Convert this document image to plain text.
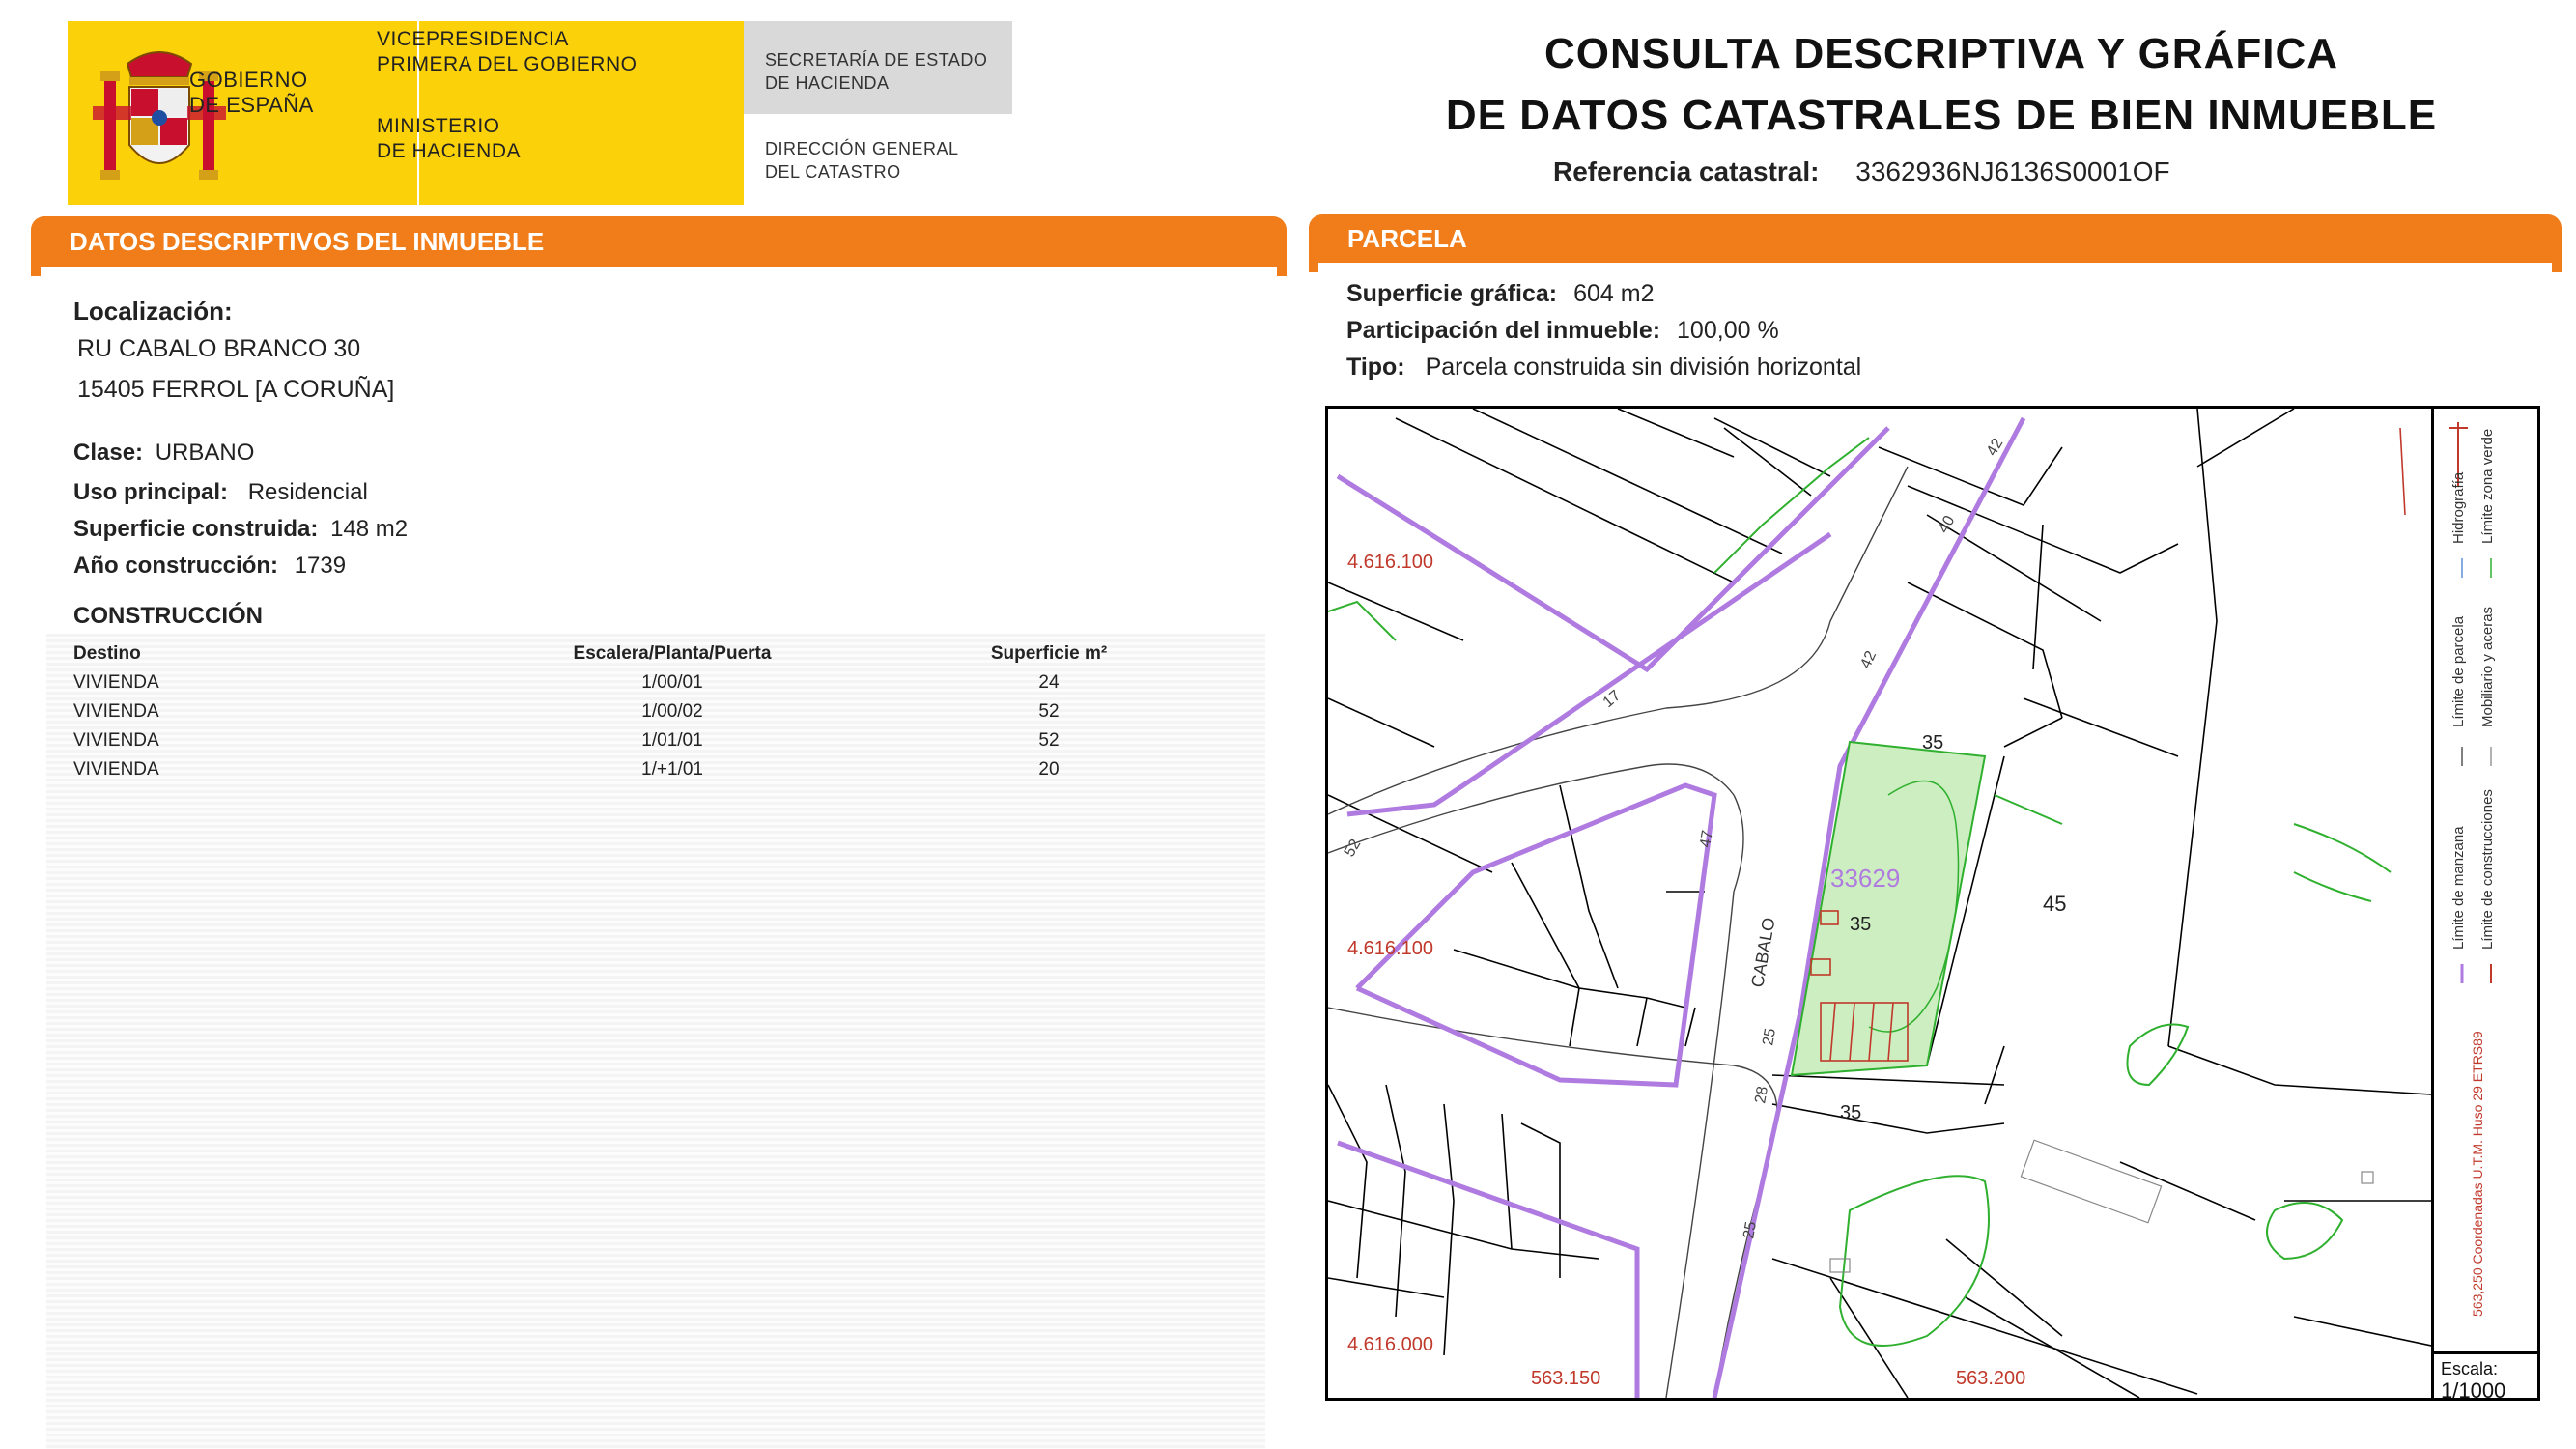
GOBIERNO
DE ESPAÑA
VICEPRESIDENCIA
PRIMERA DEL GOBIERNO
MINISTERIO
DE HACIENDA
SECRETARÍA DE ESTADO
DE HACIENDA
DIRECCIÓN GENERAL
DEL CATASTRO
CONSULTA DESCRIPTIVA Y GRÁFICA
DE DATOS CATASTRALES DE BIEN INMUEBLE
Referencia catastral: 3362936NJ6136S0001OF
DATOS DESCRIPTIVOS DEL INMUEBLE
Localización:
RU CABALO BRANCO 30
15405 FERROL [A CORUÑA]
Clase: URBANO
Uso principal: Residencial
Superficie construida: 148 m2
Año construcción: 1739
CONSTRUCCIÓN
Destino	Escalera/Planta/Puerta	Superficie m²
VIVIENDA	1/00/01	24
VIVIENDA	1/00/02	52
VIVIENDA	1/01/01	52
VIVIENDA	1/+1/01	20
PARCELA
Superficie gráfica: 604 m2
Participación del inmueble: 100,00 %
Tipo: Parcela construida sin división horizontal
4.616.100
4.616.100
4.616.000
563.150	563.200
33629
35
35
45
35
47
42
40
42
25
25
28
52
17
CABALO
Límite de manzana Límite de construcciones
Límite de parcela Mobiliario y aceras
Hidrografía Límite zona verde
563,250 Coordenadas U.T.M. Huso 29 ETRS89
Escala:
1/1000
